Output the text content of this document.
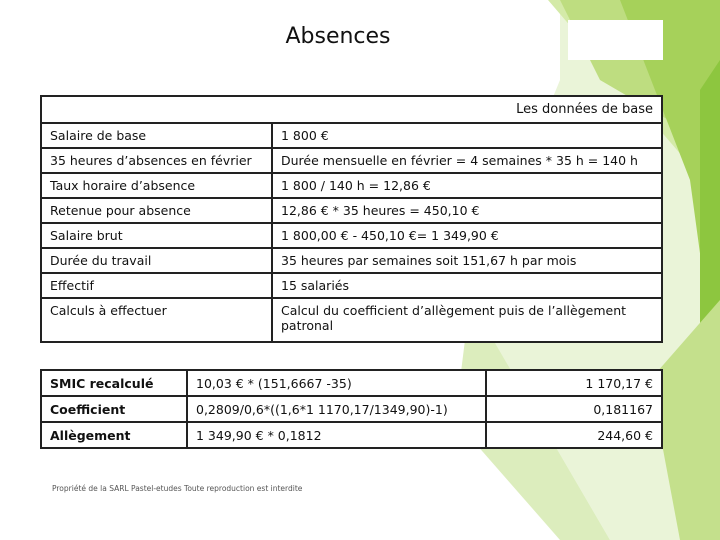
Absences
Les données de base	
Salaire de base	1 800 €
35 heures d’absences en février	Durée mensuelle en février = 4 semaines * 35 h = 140 h
Taux horaire d’absence	1 800 / 140 h = 12,86 €
Retenue pour absence	12,86 € * 35 heures = 450,10 €
Salaire brut	1 800,00 € - 450,10 €= 1 349,90 €
Durée du travail	35 heures par semaines soit 151,67 h par mois
Effectif	15 salariés
Calculs à effectuer	Calcul du coefficient d’allègement puis de l’allègement patronal
SMIC recalculé	10,03 € * (151,6667 -35)	1 170,17 €
Coefficient	0,2809/0,6*((1,6*1 1170,17/1349,90)-1)	0,181167
Allègement	1 349,90 € * 0,1812	244,60 €
Propriété de la SARL Pastel-etudes Toute reproduction est interdite
